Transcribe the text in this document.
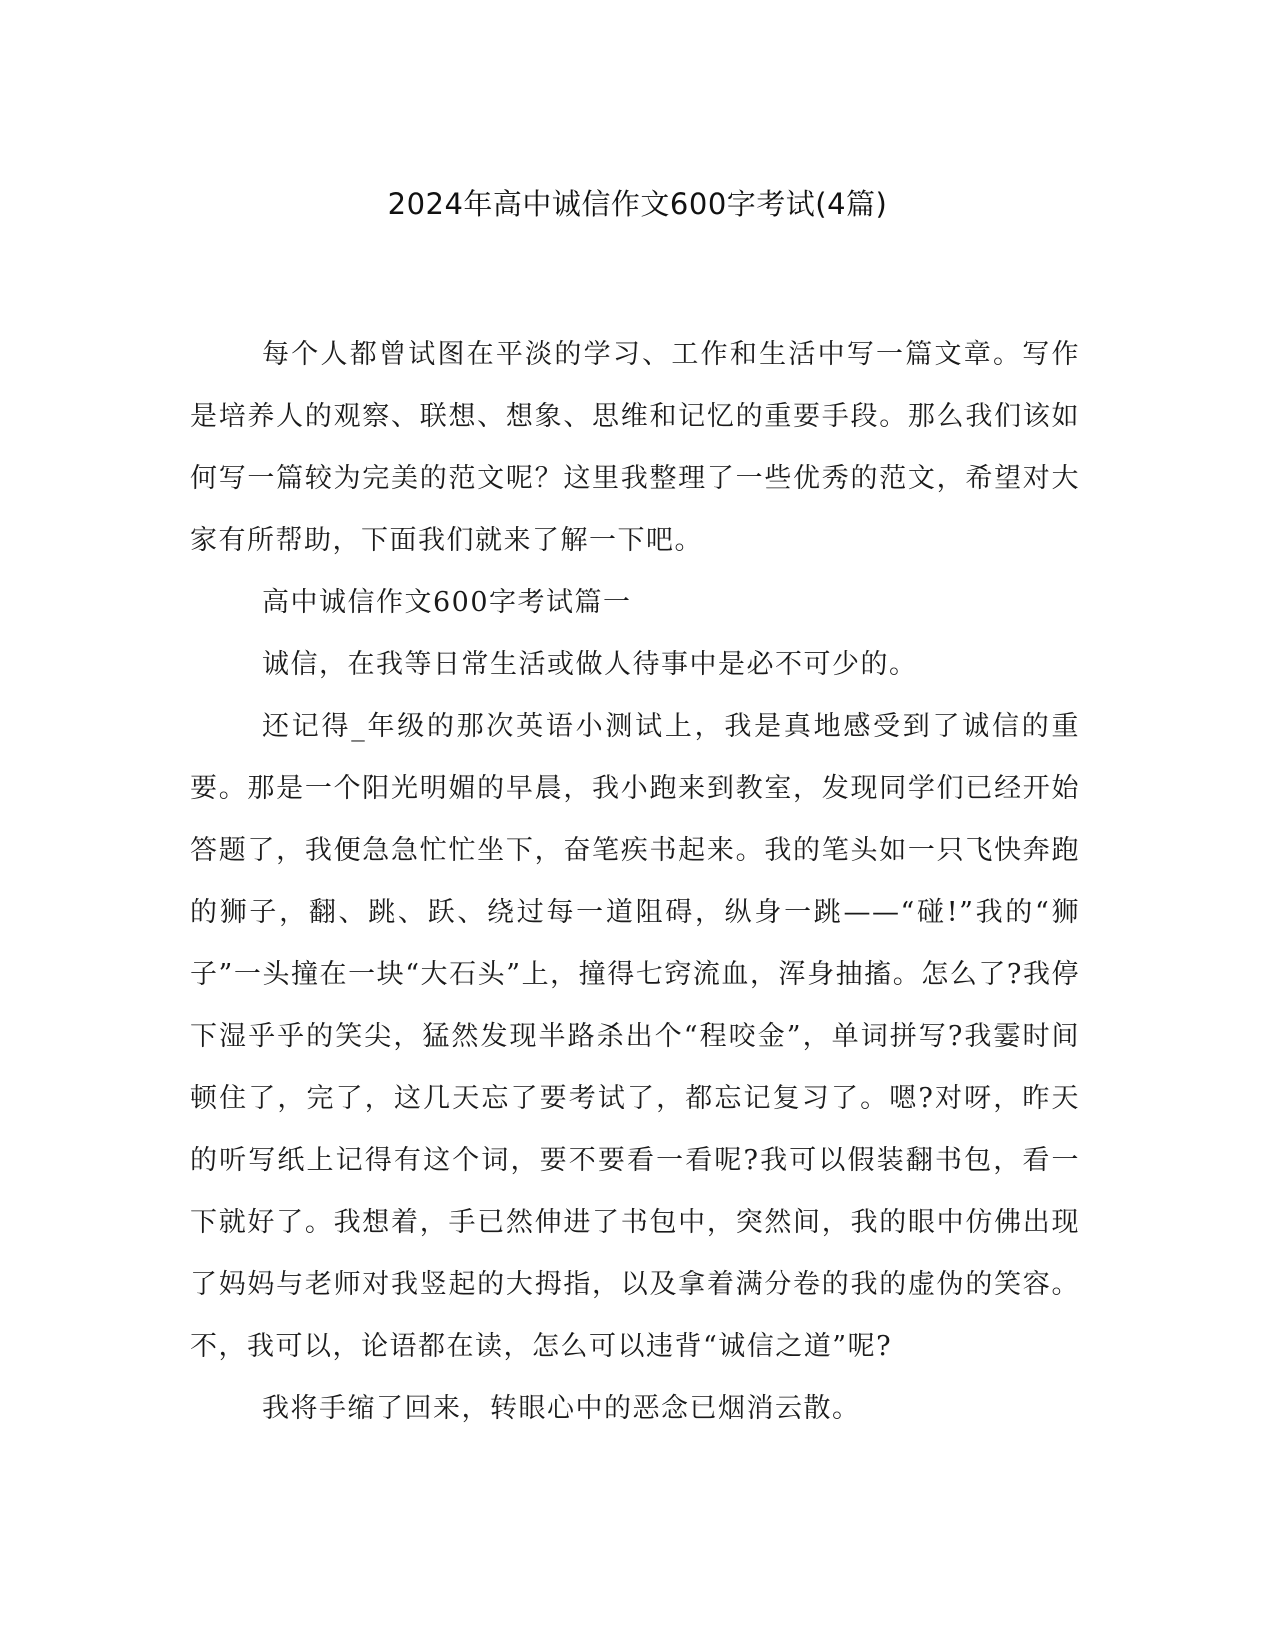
2024年高中诚信作文600字考试(4篇)

每个人都曾试图在平淡的学习、工作和生活中写一篇文章。写作是培养人的观察、联想、想象、思维和记忆的重要手段。那么我们该如何写一篇较为完美的范文呢？这里我整理了一些优秀的范文，希望对大家有所帮助，下面我们就来了解一下吧。

高中诚信作文600字考试篇一

诚信，在我等日常生活或做人待事中是必不可少的。

还记得_年级的那次英语小测试上，我是真地感受到了诚信的重要。那是一个阳光明媚的早晨，我小跑来到教室，发现同学们已经开始答题了，我便急急忙忙坐下，奋笔疾书起来。我的笔头如一只飞快奔跑的狮子，翻、跳、跃、绕过每一道阻碍，纵身一跳——“碰!”我的“狮子”一头撞在一块“大石头”上，撞得七窍流血，浑身抽搐。怎么了?我停下湿乎乎的笑尖，猛然发现半路杀出个“程咬金”，单词拼写?我霎时间顿住了，完了，这几天忘了要考试了，都忘记复习了。嗯?对呀，昨天的听写纸上记得有这个词，要不要看一看呢?我可以假装翻书包，看一下就好了。我想着，手已然伸进了书包中，突然间，我的眼中仿佛出现了妈妈与老师对我竖起的大拇指，以及拿着满分卷的我的虚伪的笑容。不，我可以，论语都在读，怎么可以违背“诚信之道”呢?

我将手缩了回来，转眼心中的恶念已烟消云散。
